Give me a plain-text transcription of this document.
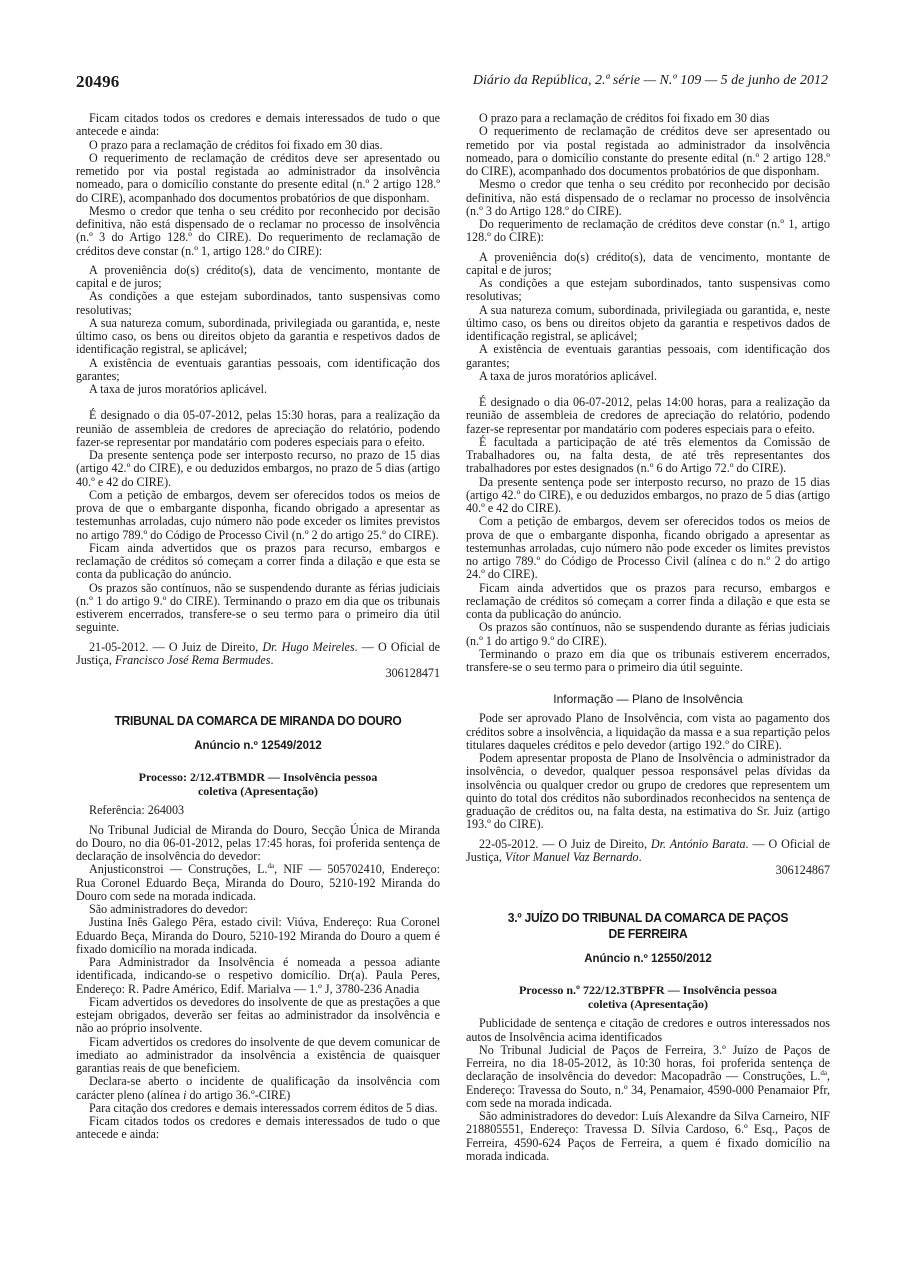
20496	Diário da República, 2.ª série — N.º 109 — 5 de junho de 2012

Ficam citados todos os credores e demais interessados de tudo o que antecede e ainda:

O prazo para a reclamação de créditos foi fixado em 30 dias.

O requerimento de reclamação de créditos deve ser apresentado ou remetido por via postal registada ao administrador da insolvência nomeado, para o domicílio constante do presente edital (n.º 2 artigo 128.º do CIRE), acompanhado dos documentos probatórios de que disponham.

Mesmo o credor que tenha o seu crédito por reconhecido por decisão definitiva, não está dispensado de o reclamar no processo de insolvência (n.º 3 do Artigo 128.º do CIRE). Do requerimento de reclamação de créditos deve constar (n.º 1, artigo 128.º do CIRE):

A proveniência do(s) crédito(s), data de vencimento, montante de capital e de juros;

As condições a que estejam subordinados, tanto suspensivas como resolutivas;

A sua natureza comum, subordinada, privilegiada ou garantida, e, neste último caso, os bens ou direitos objeto da garantia e respetivos dados de identificação registral, se aplicável;

A existência de eventuais garantias pessoais, com identificação dos garantes;

A taxa de juros moratórios aplicável.

É designado o dia 05-07-2012, pelas 15:30 horas, para a realização da reunião de assembleia de credores de apreciação do relatório, podendo fazer-se representar por mandatário com poderes especiais para o efeito.

Da presente sentença pode ser interposto recurso, no prazo de 15 dias (artigo 42.º do CIRE), e ou deduzidos embargos, no prazo de 5 dias (artigo 40.º e 42 do CIRE).

Com a petição de embargos, devem ser oferecidos todos os meios de prova de que o embargante disponha, ficando obrigado a apresentar as testemunhas arroladas, cujo número não pode exceder os limites previstos no artigo 789.º do Código de Processo Civil (n.º 2 do artigo 25.º do CIRE).

Ficam ainda advertidos que os prazos para recurso, embargos e reclamação de créditos só começam a correr finda a dilação e que esta se conta da publicação do anúncio.

Os prazos são contínuos, não se suspendendo durante as férias judiciais (n.º 1 do artigo 9.º do CIRE). Terminando o prazo em dia que os tribunais estiverem encerrados, transfere-se o seu termo para o primeiro dia útil seguinte.

21-05-2012. — O Juiz de Direito, Dr. Hugo Meireles. — O Oficial de Justiça, Francisco José Rema Bermudes.

306128471

TRIBUNAL DA COMARCA DE MIRANDA DO DOURO

Anúncio n.º 12549/2012

Processo: 2/12.4TBMDR — Insolvência pessoa

coletiva (Apresentação)

Referência: 264003

No Tribunal Judicial de Miranda do Douro, Secção Única de Miranda do Douro, no dia 06-01-2012, pelas 17:45 horas, foi proferida sentença de declaração de insolvência do devedor:

Anjusticonstroi — Construções, L.$^{da}$, NIF — 505702410, Endereço: Rua Coronel Eduardo Beça, Miranda do Douro, 5210-192 Miranda do Douro com sede na morada indicada.

São administradores do devedor:

Justina Inês Galego Pêra, estado civil: Viúva, Endereço: Rua Coronel Eduardo Beça, Miranda do Douro, 5210-192 Miranda do Douro a quem é fixado domicílio na morada indicada.

Para Administrador da Insolvência é nomeada a pessoa adiante identificada, indicando-se o respetivo domicílio. Dr(a). Paula Peres, Endereço: R. Padre Américo, Edif. Marialva — 1.º J, 3780-236 Anadia

Ficam advertidos os devedores do insolvente de que as prestações a que estejam obrigados, deverão ser feitas ao administrador da insolvência e não ao próprio insolvente.

Ficam advertidos os credores do insolvente de que devem comunicar de imediato ao administrador da insolvência a existência de quaisquer garantias reais de que beneficiem.

Declara-se aberto o incidente de qualificação da insolvência com carácter pleno (alínea i do artigo 36.º-CIRE)

Para citação dos credores e demais interessados correm éditos de 5 dias.

Ficam citados todos os credores e demais interessados de tudo o que antecede e ainda:

O prazo para a reclamação de créditos foi fixado em 30 dias

O requerimento de reclamação de créditos deve ser apresentado ou remetido por via postal registada ao administrador da insolvência nomeado, para o domicílio constante do presente edital (n.º 2 artigo 128.º do CIRE), acompanhado dos documentos probatórios de que disponham.

Mesmo o credor que tenha o seu crédito por reconhecido por decisão definitiva, não está dispensado de o reclamar no processo de insolvência (n.º 3 do Artigo 128.º do CIRE).

Do requerimento de reclamação de créditos deve constar (n.º 1, artigo 128.º do CIRE):

A proveniência do(s) crédito(s), data de vencimento, montante de capital e de juros;

As condições a que estejam subordinados, tanto suspensivas como resolutivas;

A sua natureza comum, subordinada, privilegiada ou garantida, e, neste último caso, os bens ou direitos objeto da garantia e respetivos dados de identificação registral, se aplicável;

A existência de eventuais garantias pessoais, com identificação dos garantes;

A taxa de juros moratórios aplicável.

É designado o dia 06-07-2012, pelas 14:00 horas, para a realização da reunião de assembleia de credores de apreciação do relatório, podendo fazer-se representar por mandatário com poderes especiais para o efeito.

É facultada a participação de até três elementos da Comissão de Trabalhadores ou, na falta desta, de até três representantes dos trabalhadores por estes designados (n.º 6 do Artigo 72.º do CIRE).

Da presente sentença pode ser interposto recurso, no prazo de 15 dias (artigo 42.º do CIRE), e ou deduzidos embargos, no prazo de 5 dias (artigo 40.º e 42 do CIRE).

Com a petição de embargos, devem ser oferecidos todos os meios de prova de que o embargante disponha, ficando obrigado a apresentar as testemunhas arroladas, cujo número não pode exceder os limites previstos no artigo 789.º do Código de Processo Civil (alínea c do n.º 2 do artigo 24.º do CIRE).

Ficam ainda advertidos que os prazos para recurso, embargos e reclamação de créditos só começam a correr finda a dilação e que esta se conta da publicação do anúncio.

Os prazos são contínuos, não se suspendendo durante as férias judiciais (n.º 1 do artigo 9.º do CIRE).

Terminando o prazo em dia que os tribunais estiverem encerrados, transfere-se o seu termo para o primeiro dia útil seguinte.

Informação — Plano de Insolvência

Pode ser aprovado Plano de Insolvência, com vista ao pagamento dos créditos sobre a insolvência, a liquidação da massa e a sua repartição pelos titulares daqueles créditos e pelo devedor (artigo 192.º do CIRE).

Podem apresentar proposta de Plano de Insolvência o administrador da insolvência, o devedor, qualquer pessoa responsável pelas dívidas da insolvência ou qualquer credor ou grupo de credores que representem um quinto do total dos créditos não subordinados reconhecidos na sentença de graduação de créditos ou, na falta desta, na estimativa do Sr. Juiz (artigo 193.º do CIRE).

22-05-2012. — O Juiz de Direito, Dr. António Barata. — O Oficial de Justiça, Vítor Manuel Vaz Bernardo.

306124867

3.º JUÍZO DO TRIBUNAL DA COMARCA DE PAÇOS

DE FERREIRA

Anúncio n.º 12550/2012

Processo n.º 722/12.3TBPFR — Insolvência pessoa

coletiva (Apresentação)

Publicidade de sentença e citação de credores e outros interessados nos autos de Insolvência acima identificados

No Tribunal Judicial de Paços de Ferreira, 3.º Juízo de Paços de Ferreira, no dia 18-05-2012, às 10:30 horas, foi proferida sentença de declaração de insolvência do devedor: Macopadrão — Construções, L.$^{da}$, Endereço: Travessa do Souto, n.º 34, Penamaior, 4590-000 Penamaior Pfr, com sede na morada indicada.

São administradores do devedor: Luís Alexandre da Silva Carneiro, NIF 218805551, Endereço: Travessa D. Sílvia Cardoso, 6.º Esq., Paços de Ferreira, 4590-624 Paços de Ferreira, a quem é fixado domicílio na morada indicada.
